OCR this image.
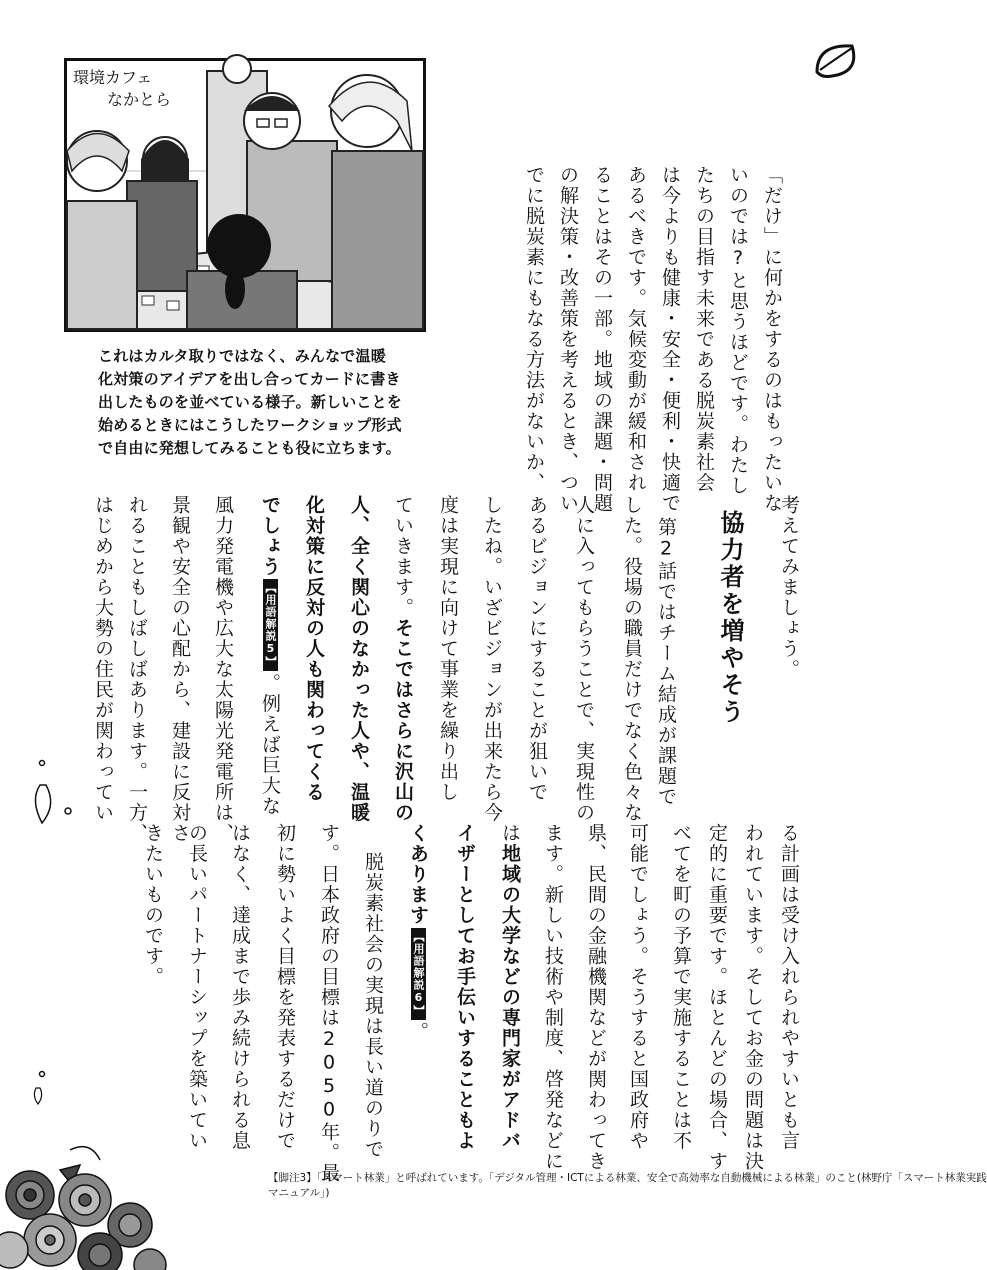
環境カフェ
なかとら
これはカルタ取りではなく、みんなで温暖
化対策のアイデアを出し合ってカードに書き
出したものを並べている様子。新しいことを
始めるときにはこうしたワークショップ形式
で自由に発想してみることも役に立ちます。	「だけ」に何かをするのはもったいな
いのでは?と思うほどです。わたし
たちの目指す未来である脱炭素社会
は今よりも健康・安全・便利・快適で
あるべきです。気候変動が緩和され
ることはその一部。地域の課題・問題
の解決策・改善策を考えるとき、つい
でに脱炭素にもなる方法がないか、
考えてみましょう。
協力者を増やそう
第2話ではチーム結成が課題で
した。役場の職員だけでなく色々な
人に入ってもらうことで、実現性の
あるビジョンにすることが狙いで
したね。いざビジョンが出来たら今
度は実現に向けて事業を繰り出し
ていきます。そこではさらに沢山の
人、全く関心のなかった人や、温暖
化対策に反対の人も関わってくる
でしょう【用語解説5】。例えば巨大な
風力発電機や広大な太陽光発電所は、
景観や安全の心配から、建設に反対さ
れることもしばしばあります。一方、
はじめから大勢の住民が関わってい
る計画は受け入れられやすいとも言
われています。そしてお金の問題は決
定的に重要です。ほとんどの場合、す
べてを町の予算で実施することは不
可能でしょう。そうすると国政府や
県、民間の金融機関などが関わってき
ます。新しい技術や制度、啓発などに
は地域の大学などの専門家がアドバ
イザーとしてお手伝いすることもよ
くあります【用語解説6】。
脱炭素社会の実現は長い道のりで
す。日本政府の目標は2050年。最
初に勢いよく目標を発表するだけで
はなく、達成まで歩み続けられる息
の長いパートナーシップを築いてい
きたいものです。
【脚注3】「スマート林業」と呼ばれています。「デジタル管理・ICTによる林業、安全で高効率な自動機械による林業」のこと(林野庁「スマート林業実践
マニュアル」)
